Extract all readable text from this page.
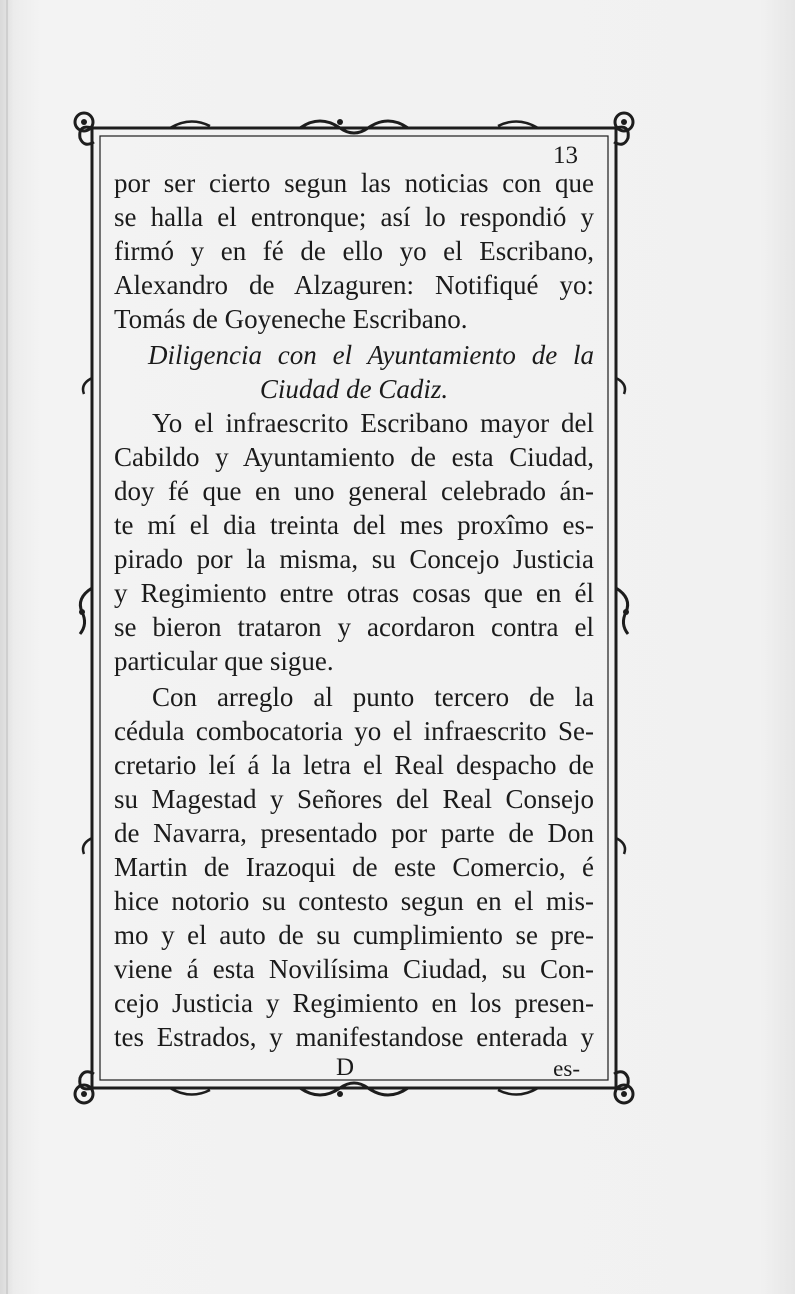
13
por ser cierto segun las noticias con que
se halla el entronque; así lo respondió y
firmó y en fé de ello yo el Escribano,
Alexandro de Alzaguren: Notifiqué yo:
Tomás de Goyeneche Escribano.
Diligencia con el Ayuntamiento de la
Ciudad de Cadiz.
Yo el infraescrito Escribano mayor del
Cabildo y Ayuntamiento de esta Ciudad,
doy fé que en uno general celebrado án-
te mí el dia treinta del mes proxîmo es-
pirado por la misma, su Concejo Justicia
y Regimiento entre otras cosas que en él
se bieron trataron y acordaron contra el
particular que sigue.
Con arreglo al punto tercero de la
cédula combocatoria yo el infraescrito Se-
cretario leí á la letra el Real despacho de
su Magestad y Señores del Real Consejo
de Navarra, presentado por parte de Don
Martin de Irazoqui de este Comercio, é
hice notorio su contesto segun en el mis-
mo y el auto de su cumplimiento se pre-
viene á esta Novilísima Ciudad, su Con-
cejo Justicia y Regimiento en los presen-
tes Estrados, y manifestandose enterada y
D	es-
